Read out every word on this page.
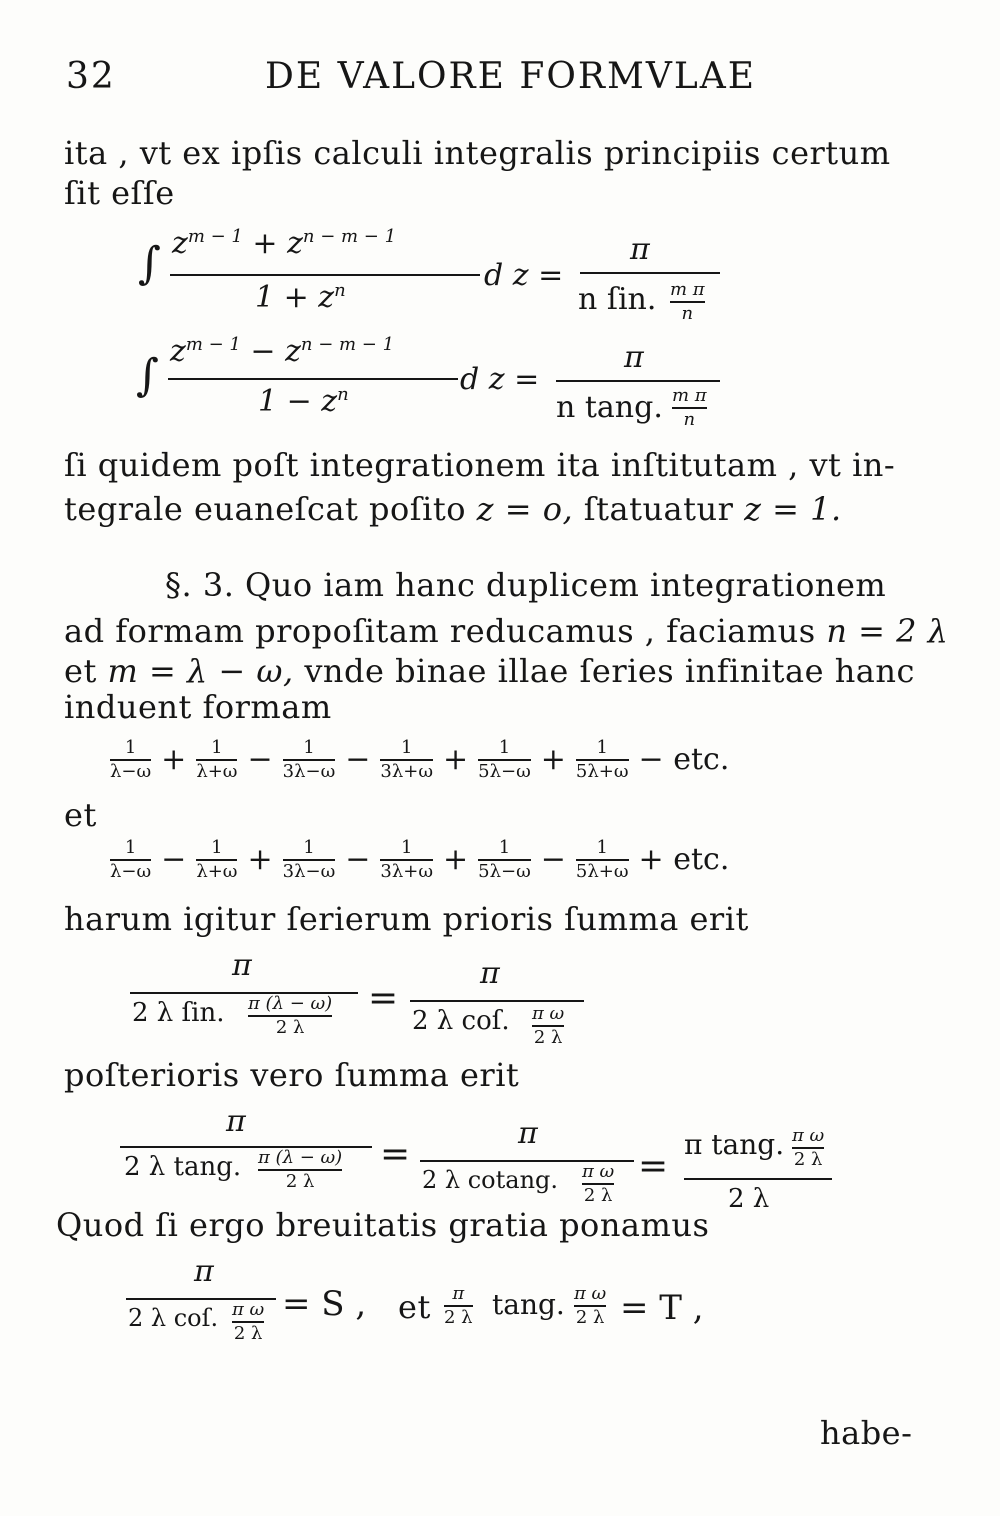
32	DE VALORE FORMVLAE
ita , vt ex ipſis calculi integralis principiis certum
ſit eſſe
∫ $z^{m - 1} + z^{n - m - 1}$
$1 + z^n$	d z =
π
n ſin. m π
n
∫ $z^{m - 1} - z^{n - m - 1}$
$1 - z^n$	d z =
π
n tang. m π
n
ſi quidem poſt integrationem ita inſtitutam , vt in-
tegrale euaneſcat poſito z = o, ſtatuatur z = 1.
§. 3. Quo iam hanc duplicem integrationem
ad formam propoſitam reducamus , faciamus n = 2 λ
et m = λ − ω, vnde binae illae ſeries infinitae hanc
induent formam
$\frac{1}{\lambda-\omega} + \frac{1}{\lambda+\omega} - \frac{1}{3\lambda-\omega} - \frac{1}{3\lambda+\omega} + \frac{1}{5\lambda-\omega} + \frac{1}{5\lambda+\omega}$ − etc.
et
$\frac{1}{\lambda-\omega} - \frac{1}{\lambda+\omega} + \frac{1}{3\lambda-\omega} - \frac{1}{3\lambda+\omega} + \frac{1}{5\lambda-\omega} - \frac{1}{5\lambda+\omega}$ + etc.
harum igitur ſerierum prioris ſumma erit
π
2 λ ſin. π (λ − ω)
2 λ
=
π
2 λ coſ. π ω
2 λ
poſterioris vero ſumma erit
π
2 λ tang. π (λ − ω)
2 λ
=
π
2 λ cotang. π ω
2 λ
=
π tang. π ω
2 λ
2 λ
Quod ſi ergo breuitatis gratia ponamus
π
2 λ coſ. π ω
2 λ
= S , et π
2 λ tang. π ω
2 λ = T ,
habe-
